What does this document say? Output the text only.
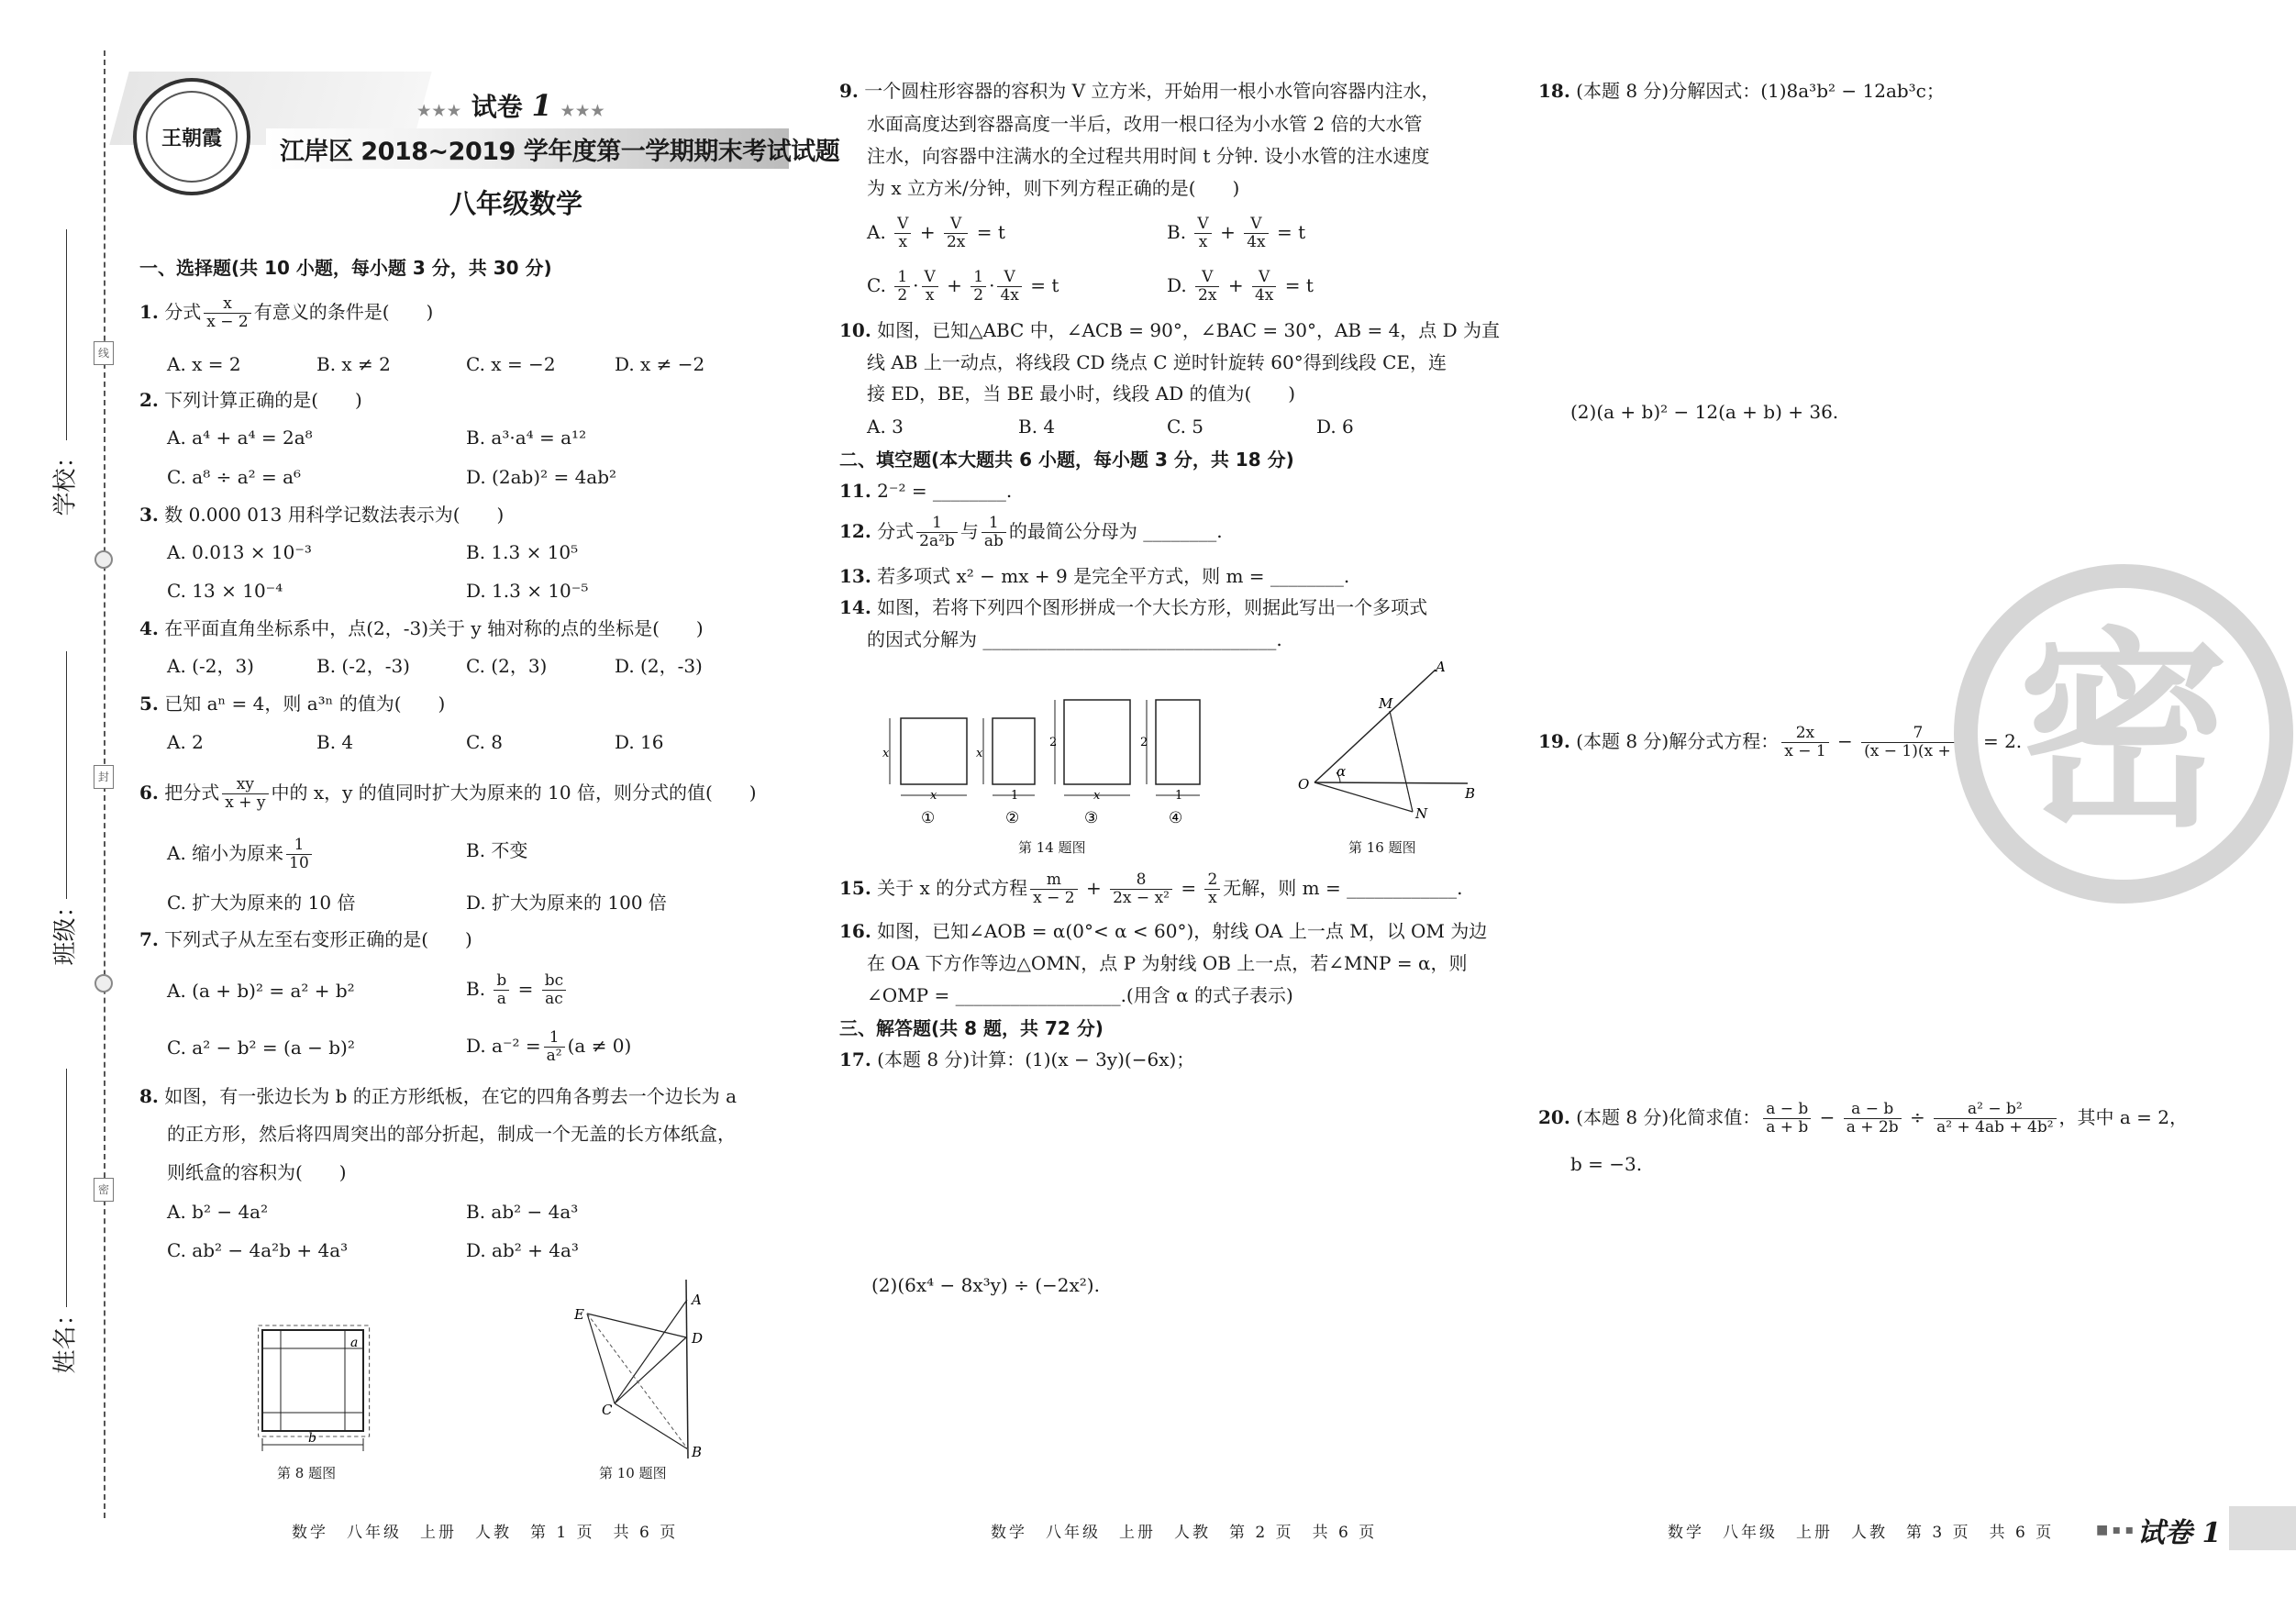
学校：
线
班级：
封
姓名：
密
王朝霞
★★★ 试卷 1 ★★★
江岸区 2018~2019 学年度第一学期期末考试试题
八年级数学
一、选择题(共 10 小题，每小题 3 分，共 30 分)
1. 分式 $\frac{x}{x - 2}$ 有意义的条件是(　　)
A. x = 2	B. x ≠ 2	C. x = −2	D. x ≠ −2
2. 下列计算正确的是(　　)
A. a⁴ + a⁴ = 2a⁸	B. a³·a⁴ = a¹²
C. a⁸ ÷ a² = a⁶	D. (2ab)² = 4ab²
3. 数 0.000 013 用科学记数法表示为(　　)
A. 0.013 × 10⁻³	B. 1.3 × 10⁵
C. 13 × 10⁻⁴	D. 1.3 × 10⁻⁵
4. 在平面直角坐标系中，点(2，-3)关于 y 轴对称的点的坐标是(　　)
A. (-2，3)	B. (-2，-3)	C. (2，3)	D. (2，-3)
5. 已知 aⁿ = 4，则 a³ⁿ 的值为(　　)
A. 2	B. 4	C. 8	D. 16
6. 把分式 $\frac{xy}{x + y}$ 中的 x，y 的值同时扩大为原来的 10 倍，则分式的值(　　)
A. 缩小为原来 $\frac{1}{10}$	B. 不变
C. 扩大为原来的 10 倍	D. 扩大为原来的 100 倍
7. 下列式子从左至右变形正确的是(　　)
A. (a + b)² = a² + b²	B. $\frac{b}{a} = \frac{bc}{ac}$
C. a² − b² = (a − b)²	D. $a^{-2} = \frac{1}{\text{a²}} (a \ne 0)$
8. 如图，有一张边长为 b 的正方形纸板，在它的四角各剪去一个边长为 a
的正方形，然后将四周突出的部分折起，制成一个无盖的长方体纸盒，
则纸盒的容积为(　　)
A. b² − 4a²	B. ab² − 4a³
C. ab² − 4a²b + 4a³	D. ab² + 4a³
a
b
第 8 题图
E
A
D
C
B
第 10 题图
9. 一个圆柱形容器的容积为 V 立方米，开始用一根小水管向容器内注水，
水面高度达到容器高度一半后，改用一根口径为小水管 2 倍的大水管
注水，向容器中注满水的全过程共用时间 t 分钟. 设小水管的注水速度
为 x 立方米/分钟，则下列方程正确的是(　　)
A. $\frac{V}{x} + \frac{V}{2x} = t$	B. $\frac{V}{x} + \frac{V}{4x} = t$
C. $\frac{1}{2} \cdot \frac{V}{x} + \frac{1}{2} \cdot \frac{V}{4x} = t$	D. $\frac{V}{2x} + \frac{V}{4x} = t$
10. 如图，已知△ABC 中，∠ACB = 90°，∠BAC = 30°，AB = 4，点 D 为直
线 AB 上一动点，将线段 CD 绕点 C 逆时针旋转 60°得到线段 CE，连
接 ED，BE，当 BE 最小时，线段 AD 的值为(　　)
A. 3	B. 4	C. 5	D. 6
二、填空题(本大题共 6 小题，每小题 3 分，共 18 分)
11. 2⁻² = ________.
12. 分式 $\frac{1}{\text{2a²b}}$ 与 $\frac{1}{ab}$ 的最简公分母为 ________.
13. 若多项式 x² − mx + 9 是完全平方式，则 m = ________.
14. 如图，若将下列四个图形拼成一个大长方形，则据此写出一个多项式
的因式分解为 ________________________________.
x
x
①
x
1
②
2
x
③
2
1
④
第 14 题图
A
M
O
α
N
B
第 16 题图
15. 关于 x 的分式方程 $\frac{m}{x - 2} + \frac{8}{\text{2x − x²}} = \frac{2}{x}$ 无解，则 m = ____________.
16. 如图，已知∠AOB = α(0°< α < 60°)，射线 OA 上一点 M，以 OM 为边
在 OA 下方作等边△OMN，点 P 为射线 OB 上一点，若∠MNP = α，则
∠OMP = __________________.(用含 α 的式子表示)
三、解答题(共 8 题，共 72 分)
17. (本题 8 分)计算：(1)(x − 3y)(−6x)；
(2)(6x⁴ − 8x³y) ÷ (−2x²).
18. (本题 8 分)分解因式：(1)8a³b² − 12ab³c；
(2)(a + b)² − 12(a + b) + 36.
19. (本题 8 分)解分式方程： $\frac{2x}{x - 1} - \frac{7}{(x - 1)(x + 2)} = 2$.
20. (本题 8 分)化简求值： $\frac{a - b}{a + b} - \frac{a - b}{a + 2b} \div \frac{\text{a² − b²}}{\text{a² + 4ab + 4b²}}$ ，其中 a = 2，
b = −3.
密
数学　八年级　上册　人教　第 1 页　共 6 页	数学　八年级　上册　人教　第 2 页　共 6 页	数学　八年级　上册　人教　第 3 页　共 6 页	■ ▪ ▪ 试卷 1
